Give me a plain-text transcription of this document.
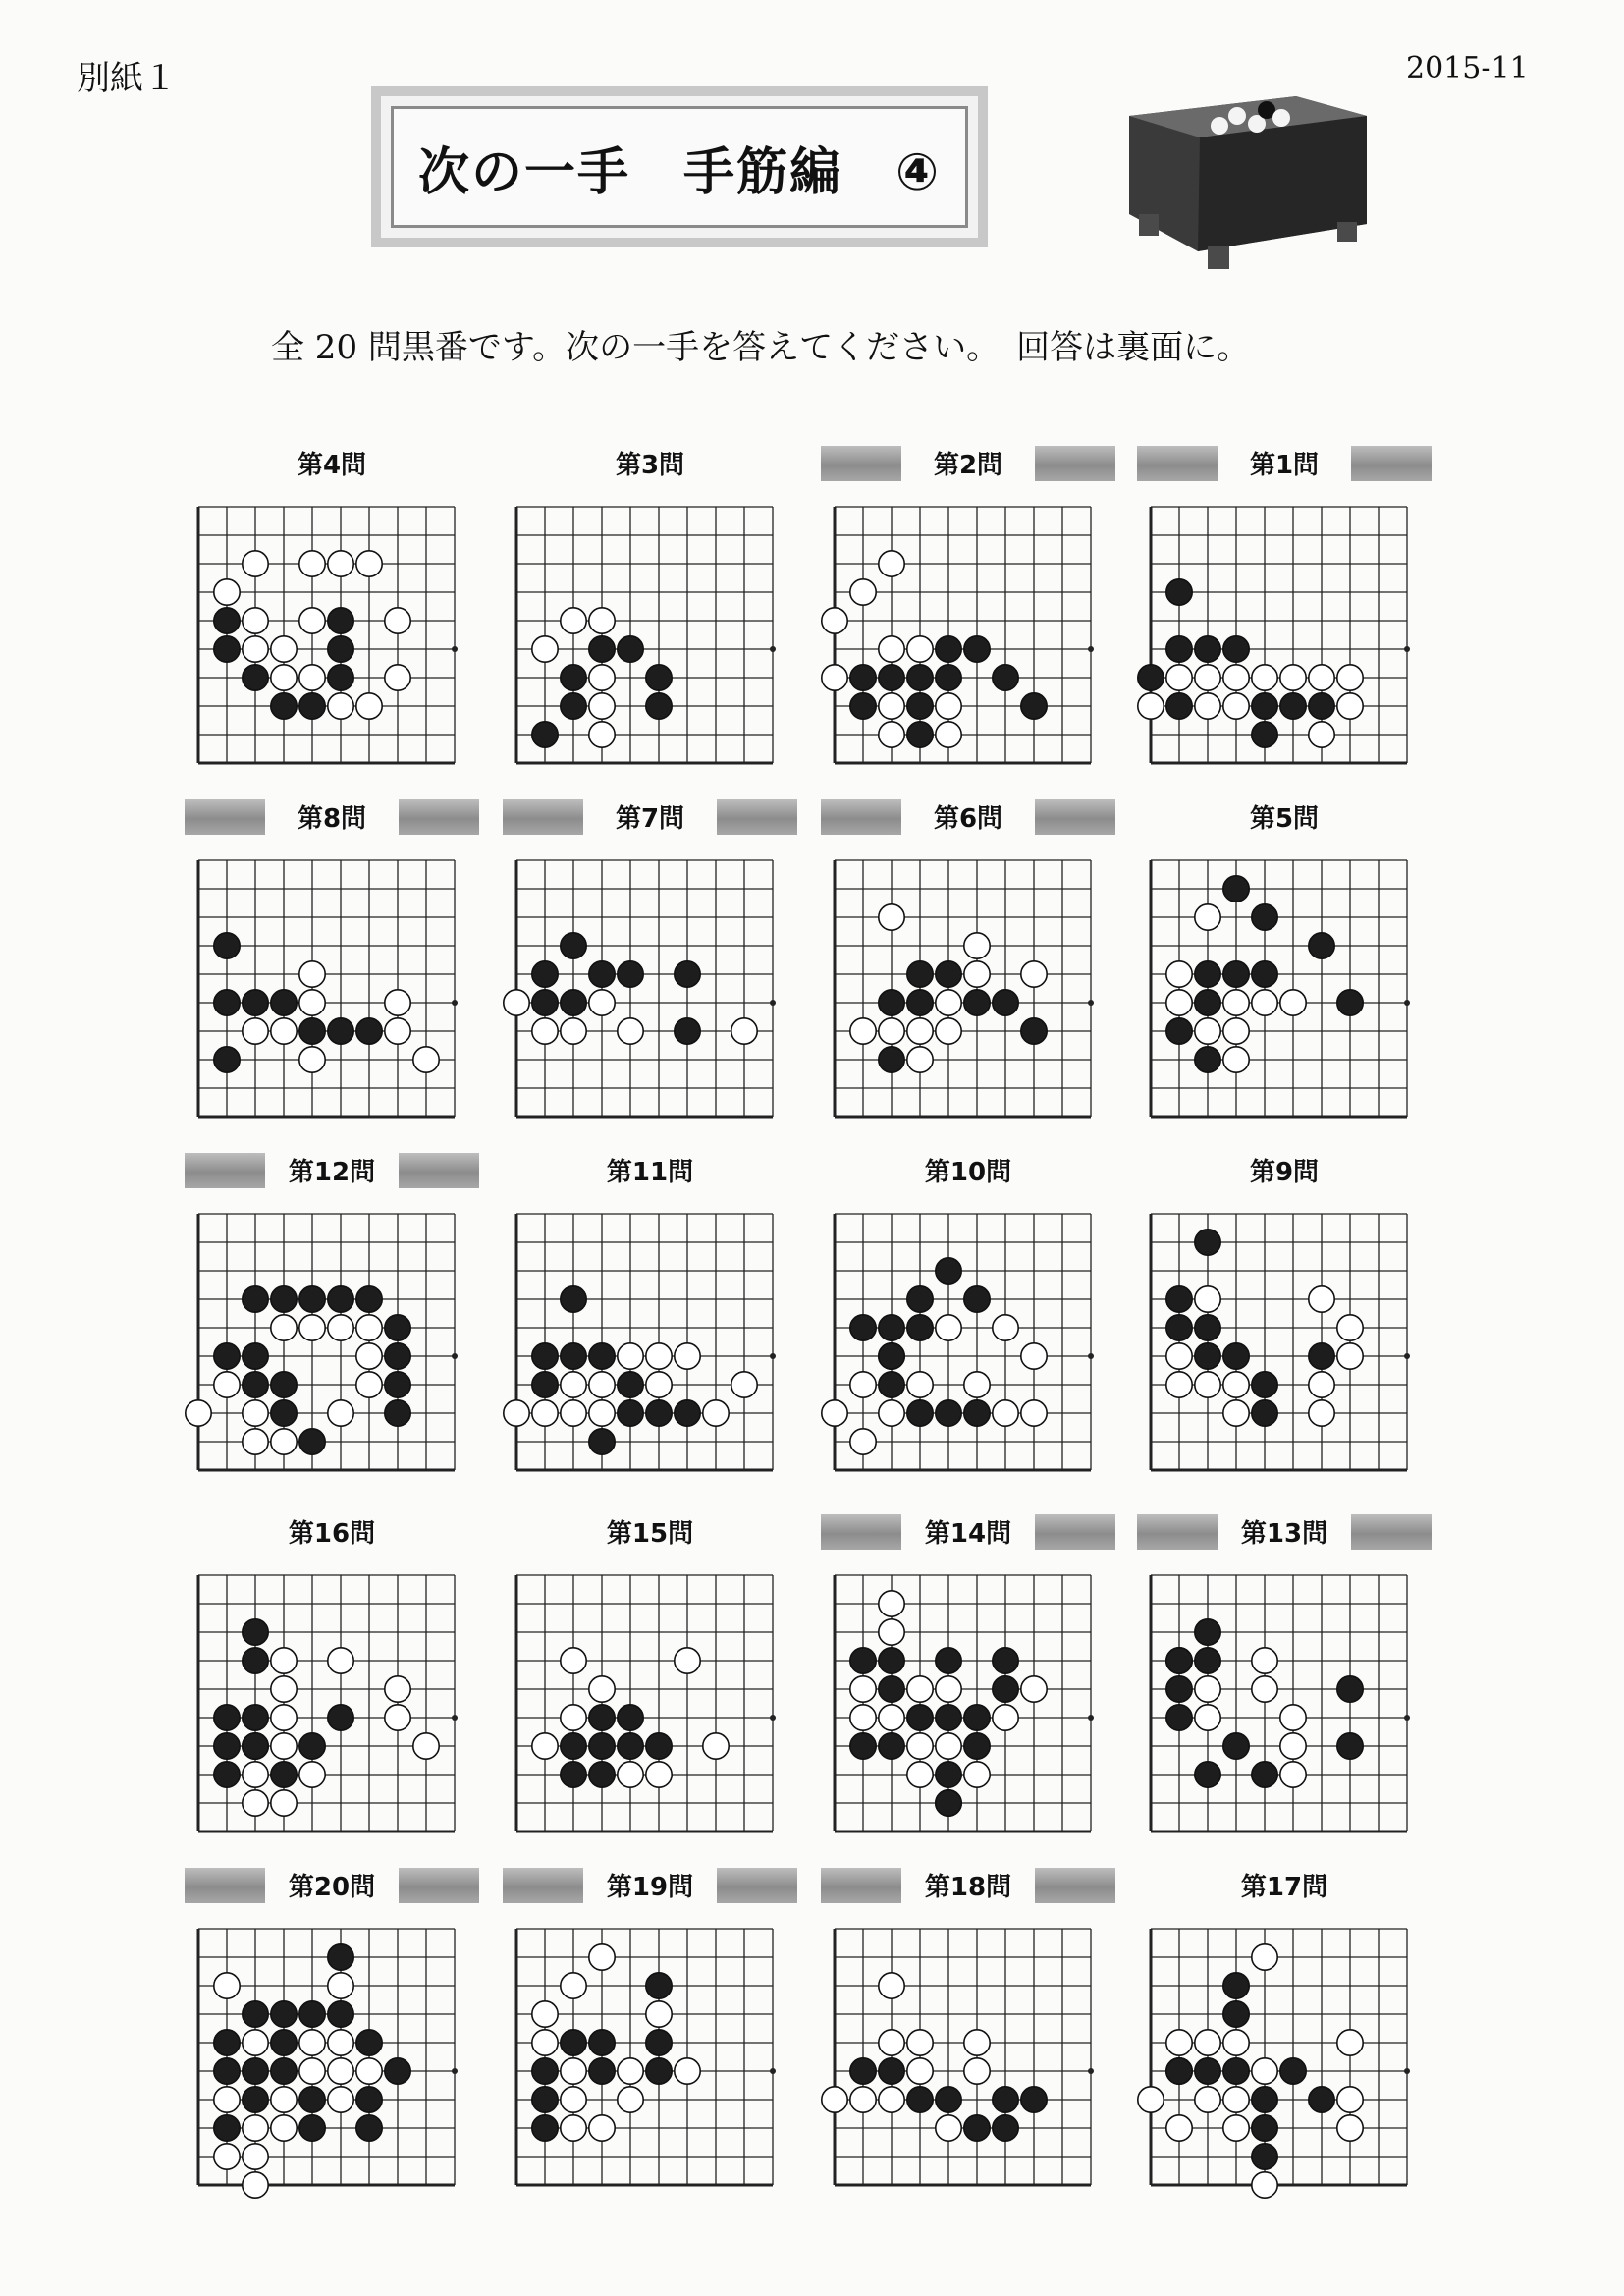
別紙１	2015-11
次の一手　手筋編　④
全 20 問黒番です。次の一手を答えてください。　回答は裏面に。
第4問	第3問	第2問	第1問
第8問	第7問	第6問	第5問
第12問	第11問	第10問	第9問
第16問	第15問	第14問	第13問
第20問	第19問	第18問	第17問
